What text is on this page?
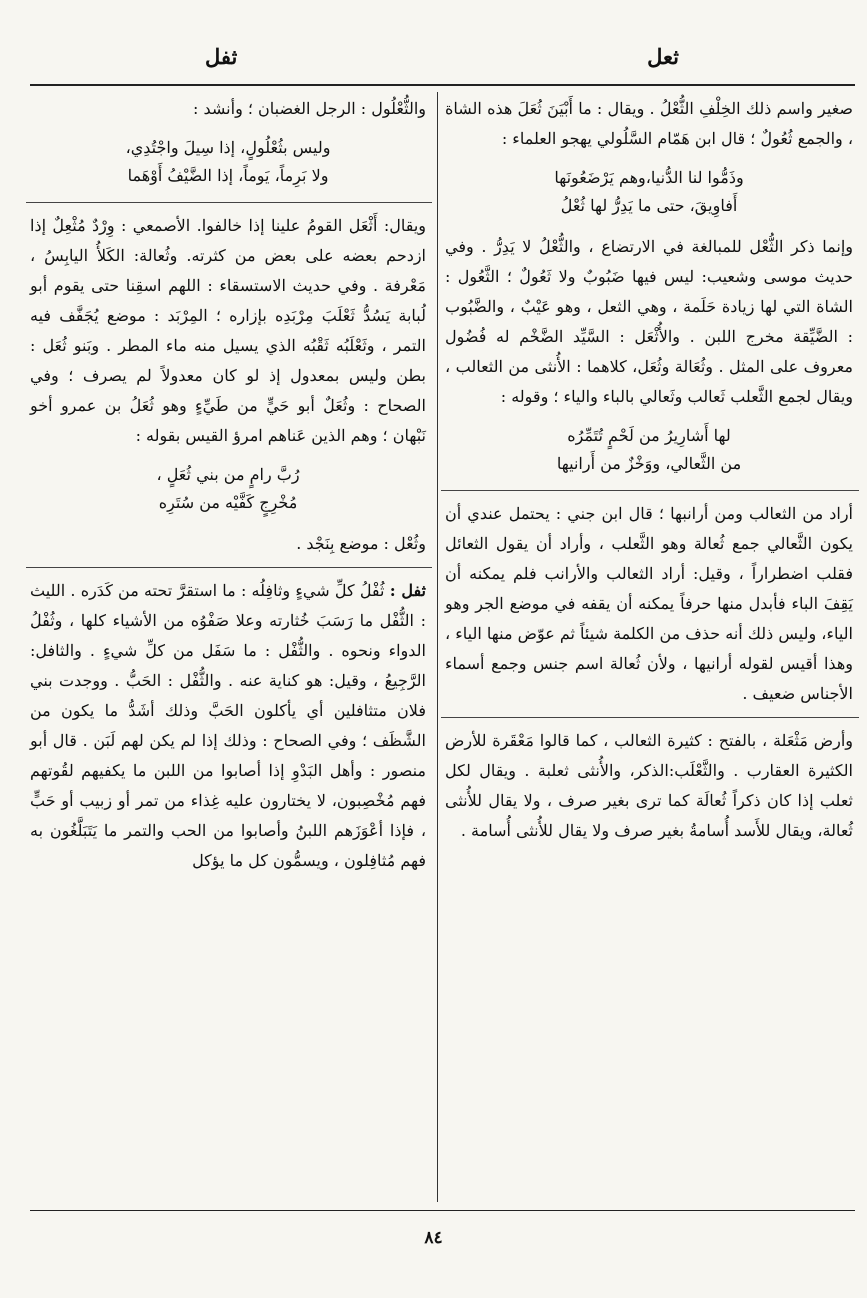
ثعل
ثفل

صغير واسم ذلك الخِلْفِ الثُّعْلُ . ويقال : ما أَبْيَنَ ثُعَلَ هذه الشاة ، والجمع ثُعُولٌ ؛ قال ابن هَمّام السَّلُولي يهجو العلماء :

وذَمُّوا لنا الدُّنيا،وهم يَرْضَعُونَها
أَفاوِيقَ، حتى ما يَدِرُّ لها ثُعْلُ

وإنما ذكر الثُّعْل للمبالغة في الارتضاع ، والثُّعْلُ لا يَدِرُّ . وفي حديث موسى وشعيب: ليس فيها ضَبُوبٌ ولا ثَعُولٌ ؛ الثَّعُول : الشاة التي لها زيادة حَلَمة ، وهي الثعل ، وهو عَيْبٌ ، والضَّبُوب : الضَّيِّقة مخرج اللبن . والأُثْعَل : السَّيِّد الضَّخْم له فُضُول معروف على المثل . وثُعَالة وثُعَل، كلاهما : الأُنثى من الثعالب ، ويقال لجمع الثَّعلب ثَعالب وثَعالي بالباء والياء ؛ وقوله :

لها أَشارِيرُ من لَحْمٍ تُتَمِّرُه
من الثَّعالي، ووَخْزٌ من أَرانيها

أراد من الثعالب ومن أرانبها ؛ قال ابن جني : يحتمل عندي أن يكون الثَّعالي جمع ثُعالة وهو الثَّعلب ، وأراد أن يقول الثعائل فقلب اضطراراً ، وقيل: أراد الثعالب والأرانب فلم يمكنه أن يَقِفَ الباء فأبدل منها حرفاً يمكنه أن يقفه في موضع الجر وهو الياء، وليس ذلك أنه حذف من الكلمة شيئاً ثم عوّض منها الياء ، وهذا أقيس لقوله أرانيها ، ولأن ثُعالة اسم جنس وجمع أسماء الأجناس ضعيف .

وأرض مَثْعَلة ، بالفتح : كثيرة الثعالب ، كما قالوا مَعْقَرة للأرض الكثيرة العقارب . والثَّعْلَب:الذكر، والأُنثى ثعلبة . ويقال لكل ثعلب إذا كان ذكراً ثُعالَة كما ترى بغير صرف ، ولا يقال للأُنثى ثُعالة، ويقال للأَسد أُسامةُ بغير صرف ولا يقال للأُنثى أُسامة .

والثُّعْلُول : الرجل الغضبان ؛ وأنشد :

وليس بثُعْلُولٍ، إذا سِيلَ واجْتُدِي،
ولا بَرِماً، يَوماً، إذا الضَّيْفُ أَوْهَما

ويقال: أَثْعَل القومُ علينا إذا خالفوا. الأصمعي : وِرْدٌ مُثْعِلٌ إذا ازدحم بعضه على بعض من كثرته. وثُعالة: الكَلأُ اليابِسُ ، مَعْرفة . وفي حديث الاستسقاء : اللهم اسقِنا حتى يقوم أبو لُبابة يَسُدُّ ثَعْلَبَ مِرْبَدِه بإزاره ؛ المِرْبَد : موضع يُجَفَّف فيه التمر ، وثَعْلَبُه ثَقْبُه الذي يسيل منه ماء المطر . وبَنو ثُعَل : بطن وليس بمعدول إذ لو كان معدولاً لم يصرف ؛ وفي الصحاح : وثُعَلٌ أبو حَيٍّ من طَيِّءٍ وهو ثُعَلُ بن عمرو أخو نَبْهان ؛ وهم الذين عَناهم امرؤ القيس بقوله :

رُبَّ رامٍ من بني ثُعَلٍ ،
مُخْرِجٍ كَفَّيْه من سُتَرِه

وثُعْل : موضع بِنَجْد .

ثفل : ثُفْلُ كلِّ شيءٍ وثافِلُه : ما استقرَّ تحته من كَدَره . الليث : الثُّفْل ما رَسَبَ خُثارته وعلا صَفْوُه من الأشياء كلها ، وثُفْلُ الدواء ونحوه . والثُّفْل : ما سَفَل من كلِّ شيءٍ . والثافل: الرَّجِيعُ ، وقيل: هو كناية عنه . والثُّفْل : الحَبُّ . ووجدت بني فلان متثافلين أي يأكلون الحَبَّ وذلك أشَدُّ ما يكون من الشَّظَف ؛ وفي الصحاح : وذلك إذا لم يكن لهم لَبَن . قال أبو منصور : وأهل البَدْوِ إذا أصابوا من اللبن ما يكفيهم لقُوتهم فهم مُخْصِبون، لا يختارون عليه غِذاء من تمر أو زبيب أو حَبٍّ ، فإذا أعْوَزَهم اللبنُ وأصابوا من الحب والتمر ما يَتَبَلَّغُون به فهم مُثافِلون ، ويسمُّون كل ما يؤكل

٨٤
